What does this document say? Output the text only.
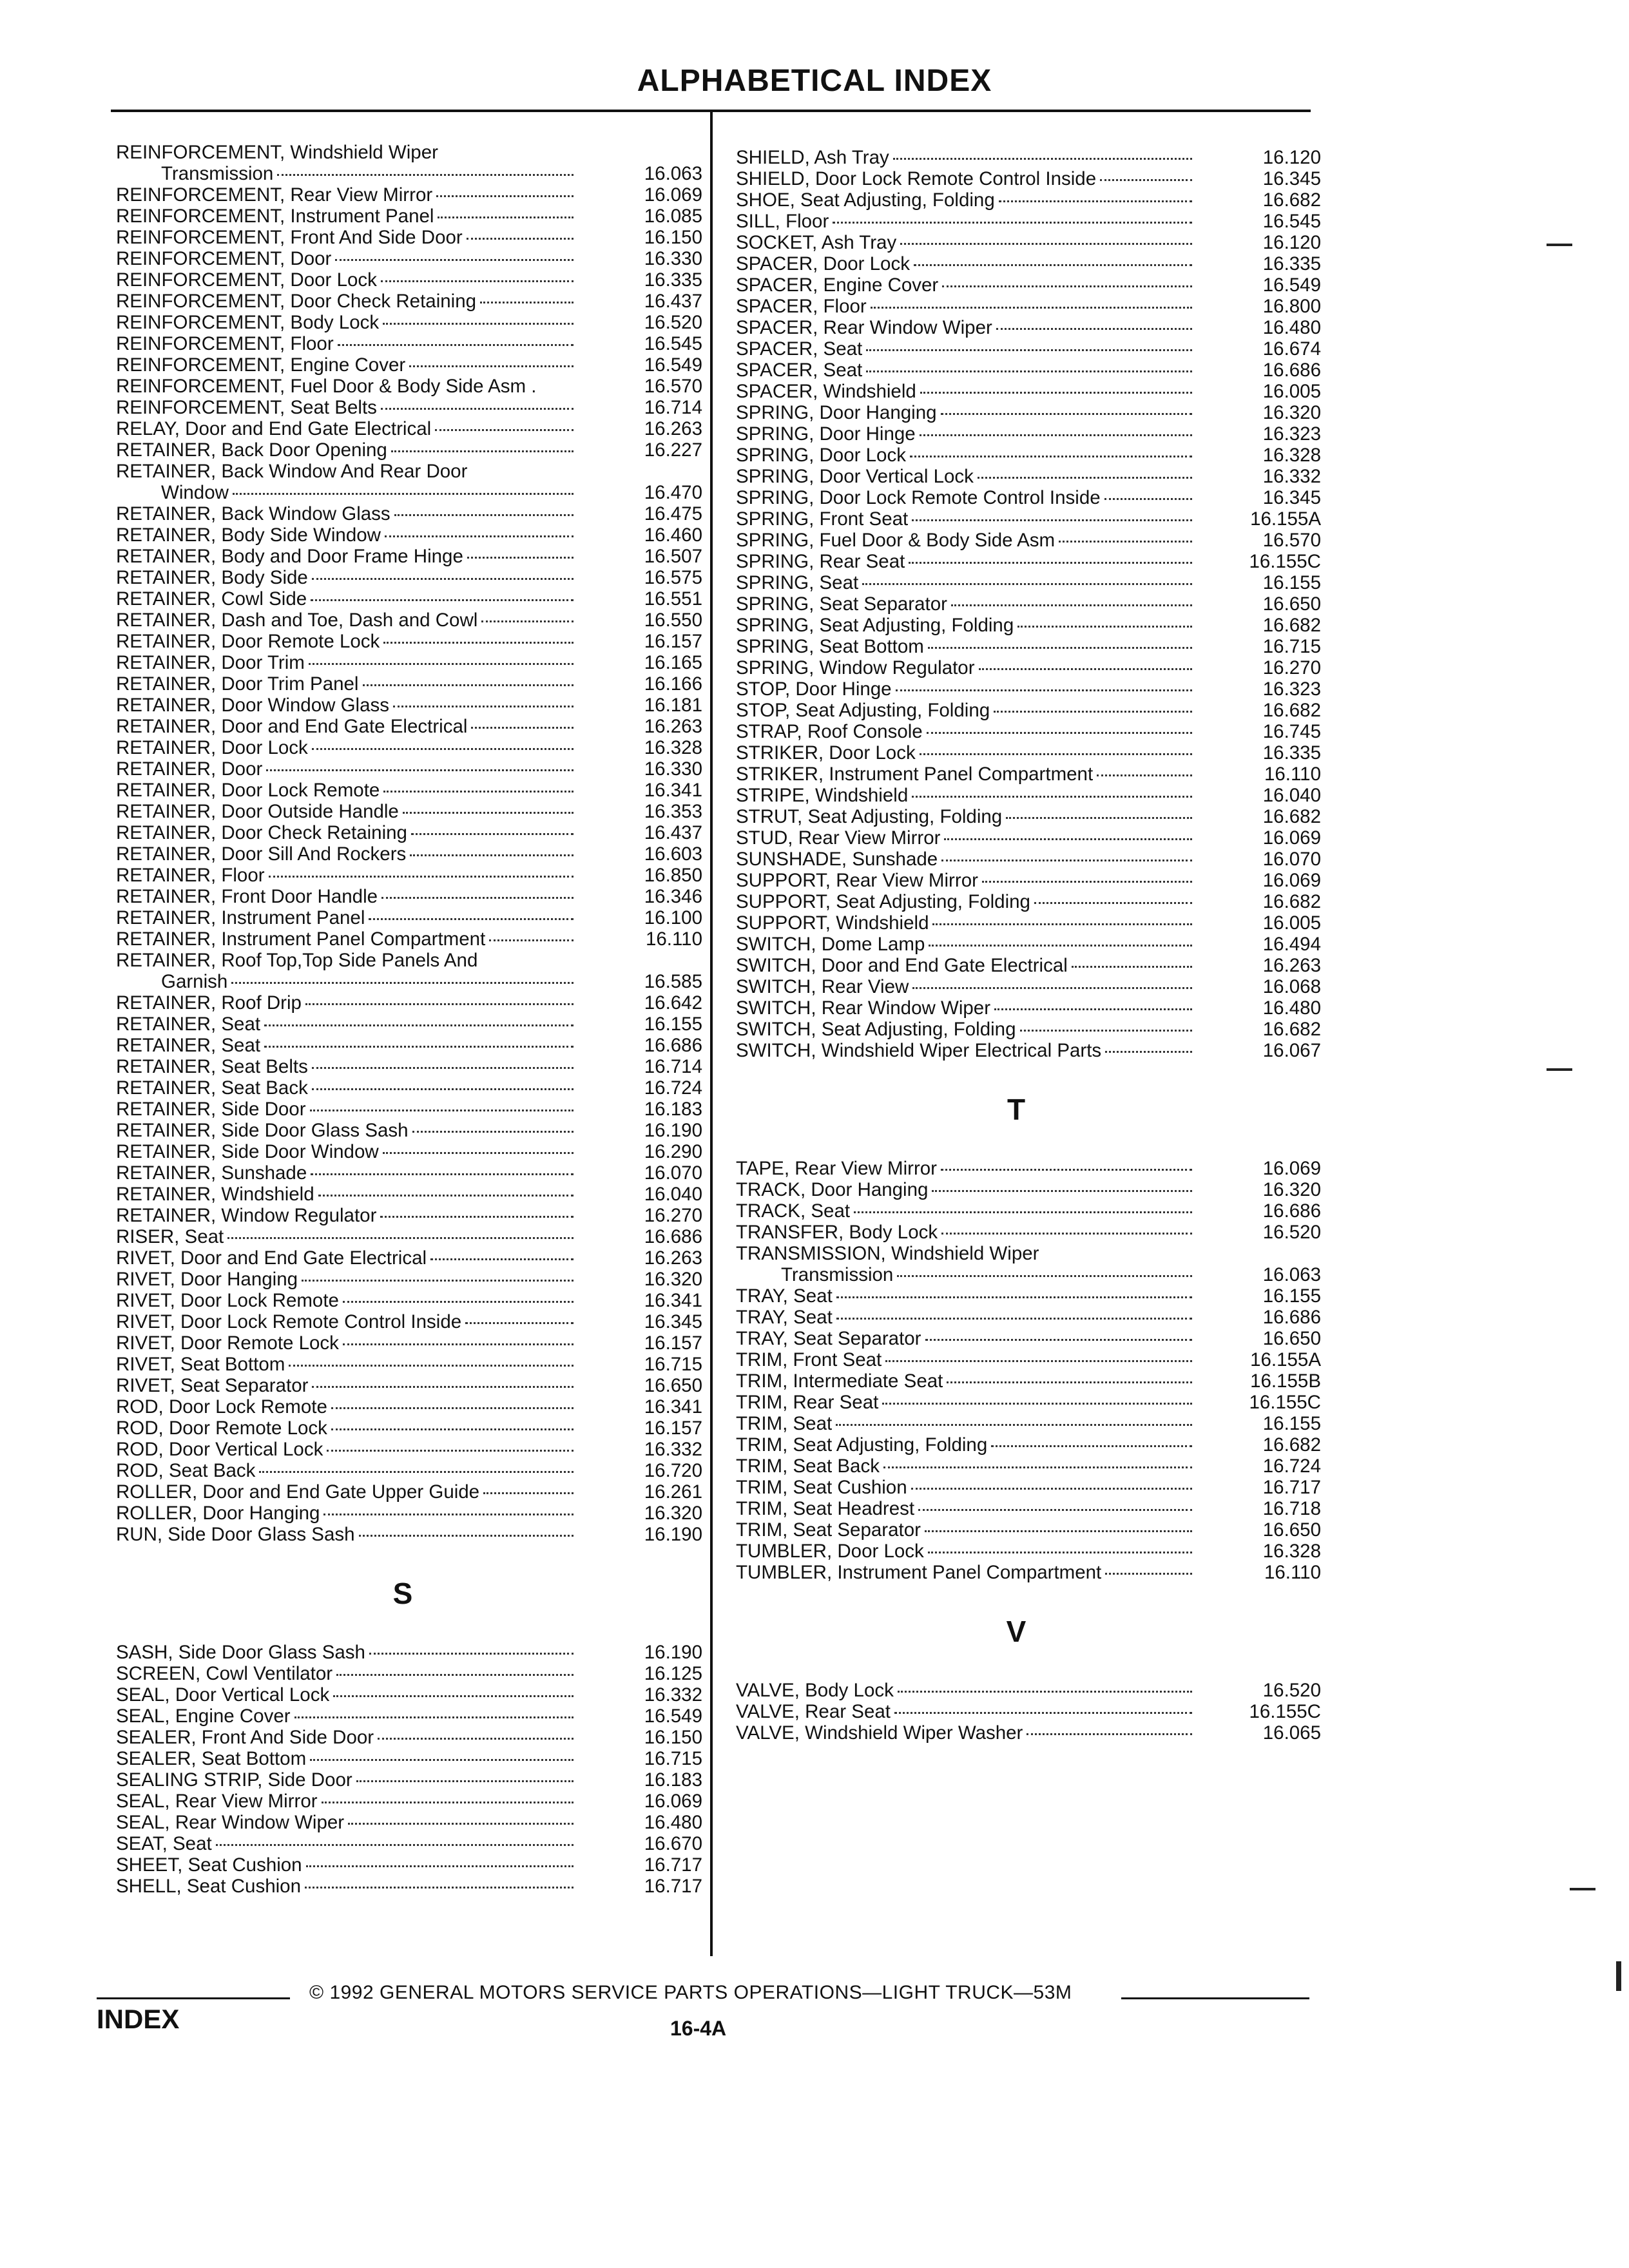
ALPHABETICAL INDEX
REINFORCEMENT, Windshield Wiper
Transmission	16.063
REINFORCEMENT, Rear View Mirror	16.069
REINFORCEMENT, Instrument Panel	16.085
REINFORCEMENT, Front And Side Door	16.150
REINFORCEMENT, Door	16.330
REINFORCEMENT, Door Lock	16.335
REINFORCEMENT, Door Check Retaining	16.437
REINFORCEMENT, Body Lock	16.520
REINFORCEMENT, Floor	16.545
REINFORCEMENT, Engine Cover	16.549
REINFORCEMENT, Fuel Door & Body Side Asm .	16.570
REINFORCEMENT, Seat Belts	16.714
RELAY, Door and End Gate Electrical	16.263
RETAINER, Back Door Opening	16.227
RETAINER, Back Window And Rear Door
Window	16.470
RETAINER, Back Window Glass	16.475
RETAINER, Body Side Window	16.460
RETAINER, Body and Door Frame Hinge	16.507
RETAINER, Body Side	16.575
RETAINER, Cowl Side	16.551
RETAINER, Dash and Toe, Dash and Cowl	16.550
RETAINER, Door Remote Lock	16.157
RETAINER, Door Trim	16.165
RETAINER, Door Trim Panel	16.166
RETAINER, Door Window Glass	16.181
RETAINER, Door and End Gate Electrical	16.263
RETAINER, Door Lock	16.328
RETAINER, Door	16.330
RETAINER, Door Lock Remote	16.341
RETAINER, Door Outside Handle	16.353
RETAINER, Door Check Retaining	16.437
RETAINER, Door Sill And Rockers	16.603
RETAINER, Floor	16.850
RETAINER, Front Door Handle	16.346
RETAINER, Instrument Panel	16.100
RETAINER, Instrument Panel Compartment	16.110
RETAINER, Roof Top,Top Side Panels And
Garnish	16.585
RETAINER, Roof Drip	16.642
RETAINER, Seat	16.155
RETAINER, Seat	16.686
RETAINER, Seat Belts	16.714
RETAINER, Seat Back	16.724
RETAINER, Side Door	16.183
RETAINER, Side Door Glass Sash	16.190
RETAINER, Side Door Window	16.290
RETAINER, Sunshade	16.070
RETAINER, Windshield	16.040
RETAINER, Window Regulator	16.270
RISER, Seat	16.686
RIVET, Door and End Gate Electrical	16.263
RIVET, Door Hanging	16.320
RIVET, Door Lock Remote	16.341
RIVET, Door Lock Remote Control Inside	16.345
RIVET, Door Remote Lock	16.157
RIVET, Seat Bottom	16.715
RIVET, Seat Separator	16.650
ROD, Door Lock Remote	16.341
ROD, Door Remote Lock	16.157
ROD, Door Vertical Lock	16.332
ROD, Seat Back	16.720
ROLLER, Door and End Gate Upper Guide	16.261
ROLLER, Door Hanging	16.320
RUN, Side Door Glass Sash	16.190
S
SASH, Side Door Glass Sash	16.190
SCREEN, Cowl Ventilator	16.125
SEAL, Door Vertical Lock	16.332
SEAL, Engine Cover	16.549
SEALER, Front And Side Door	16.150
SEALER, Seat Bottom	16.715
SEALING STRIP, Side Door	16.183
SEAL, Rear View Mirror	16.069
SEAL, Rear Window Wiper	16.480
SEAT, Seat	16.670
SHEET, Seat Cushion	16.717
SHELL, Seat Cushion	16.717
SHIELD, Ash Tray	16.120
SHIELD, Door Lock Remote Control Inside	16.345
SHOE, Seat Adjusting, Folding	16.682
SILL, Floor	16.545
SOCKET, Ash Tray	16.120
SPACER, Door Lock	16.335
SPACER, Engine Cover	16.549
SPACER, Floor	16.800
SPACER, Rear Window Wiper	16.480
SPACER, Seat	16.674
SPACER, Seat	16.686
SPACER, Windshield	16.005
SPRING, Door Hanging	16.320
SPRING, Door Hinge	16.323
SPRING, Door Lock	16.328
SPRING, Door Vertical Lock	16.332
SPRING, Door Lock Remote Control Inside	16.345
SPRING, Front Seat	16.155A
SPRING, Fuel Door & Body Side Asm	16.570
SPRING, Rear Seat	16.155C
SPRING, Seat	16.155
SPRING, Seat Separator	16.650
SPRING, Seat Adjusting, Folding	16.682
SPRING, Seat Bottom	16.715
SPRING, Window Regulator	16.270
STOP, Door Hinge	16.323
STOP, Seat Adjusting, Folding	16.682
STRAP, Roof Console	16.745
STRIKER, Door Lock	16.335
STRIKER, Instrument Panel Compartment	16.110
STRIPE, Windshield	16.040
STRUT, Seat Adjusting, Folding	16.682
STUD, Rear View Mirror	16.069
SUNSHADE, Sunshade	16.070
SUPPORT, Rear View Mirror	16.069
SUPPORT, Seat Adjusting, Folding	16.682
SUPPORT, Windshield	16.005
SWITCH, Dome Lamp	16.494
SWITCH, Door and End Gate Electrical	16.263
SWITCH, Rear View	16.068
SWITCH, Rear Window Wiper	16.480
SWITCH, Seat Adjusting, Folding	16.682
SWITCH, Windshield Wiper Electrical Parts	16.067
T
TAPE, Rear View Mirror	16.069
TRACK, Door Hanging	16.320
TRACK, Seat	16.686
TRANSFER, Body Lock	16.520
TRANSMISSION, Windshield Wiper
Transmission	16.063
TRAY, Seat	16.155
TRAY, Seat	16.686
TRAY, Seat Separator	16.650
TRIM, Front Seat	16.155A
TRIM, Intermediate Seat	16.155B
TRIM, Rear Seat	16.155C
TRIM, Seat	16.155
TRIM, Seat Adjusting, Folding	16.682
TRIM, Seat Back	16.724
TRIM, Seat Cushion	16.717
TRIM, Seat Headrest	16.718
TRIM, Seat Separator	16.650
TUMBLER, Door Lock	16.328
TUMBLER, Instrument Panel Compartment	16.110
V
VALVE, Body Lock	16.520
VALVE, Rear Seat	16.155C
VALVE, Windshield Wiper Washer	16.065
© 1992 GENERAL MOTORS SERVICE PARTS OPERATIONS—LIGHT TRUCK—53M
INDEX	16-4A
